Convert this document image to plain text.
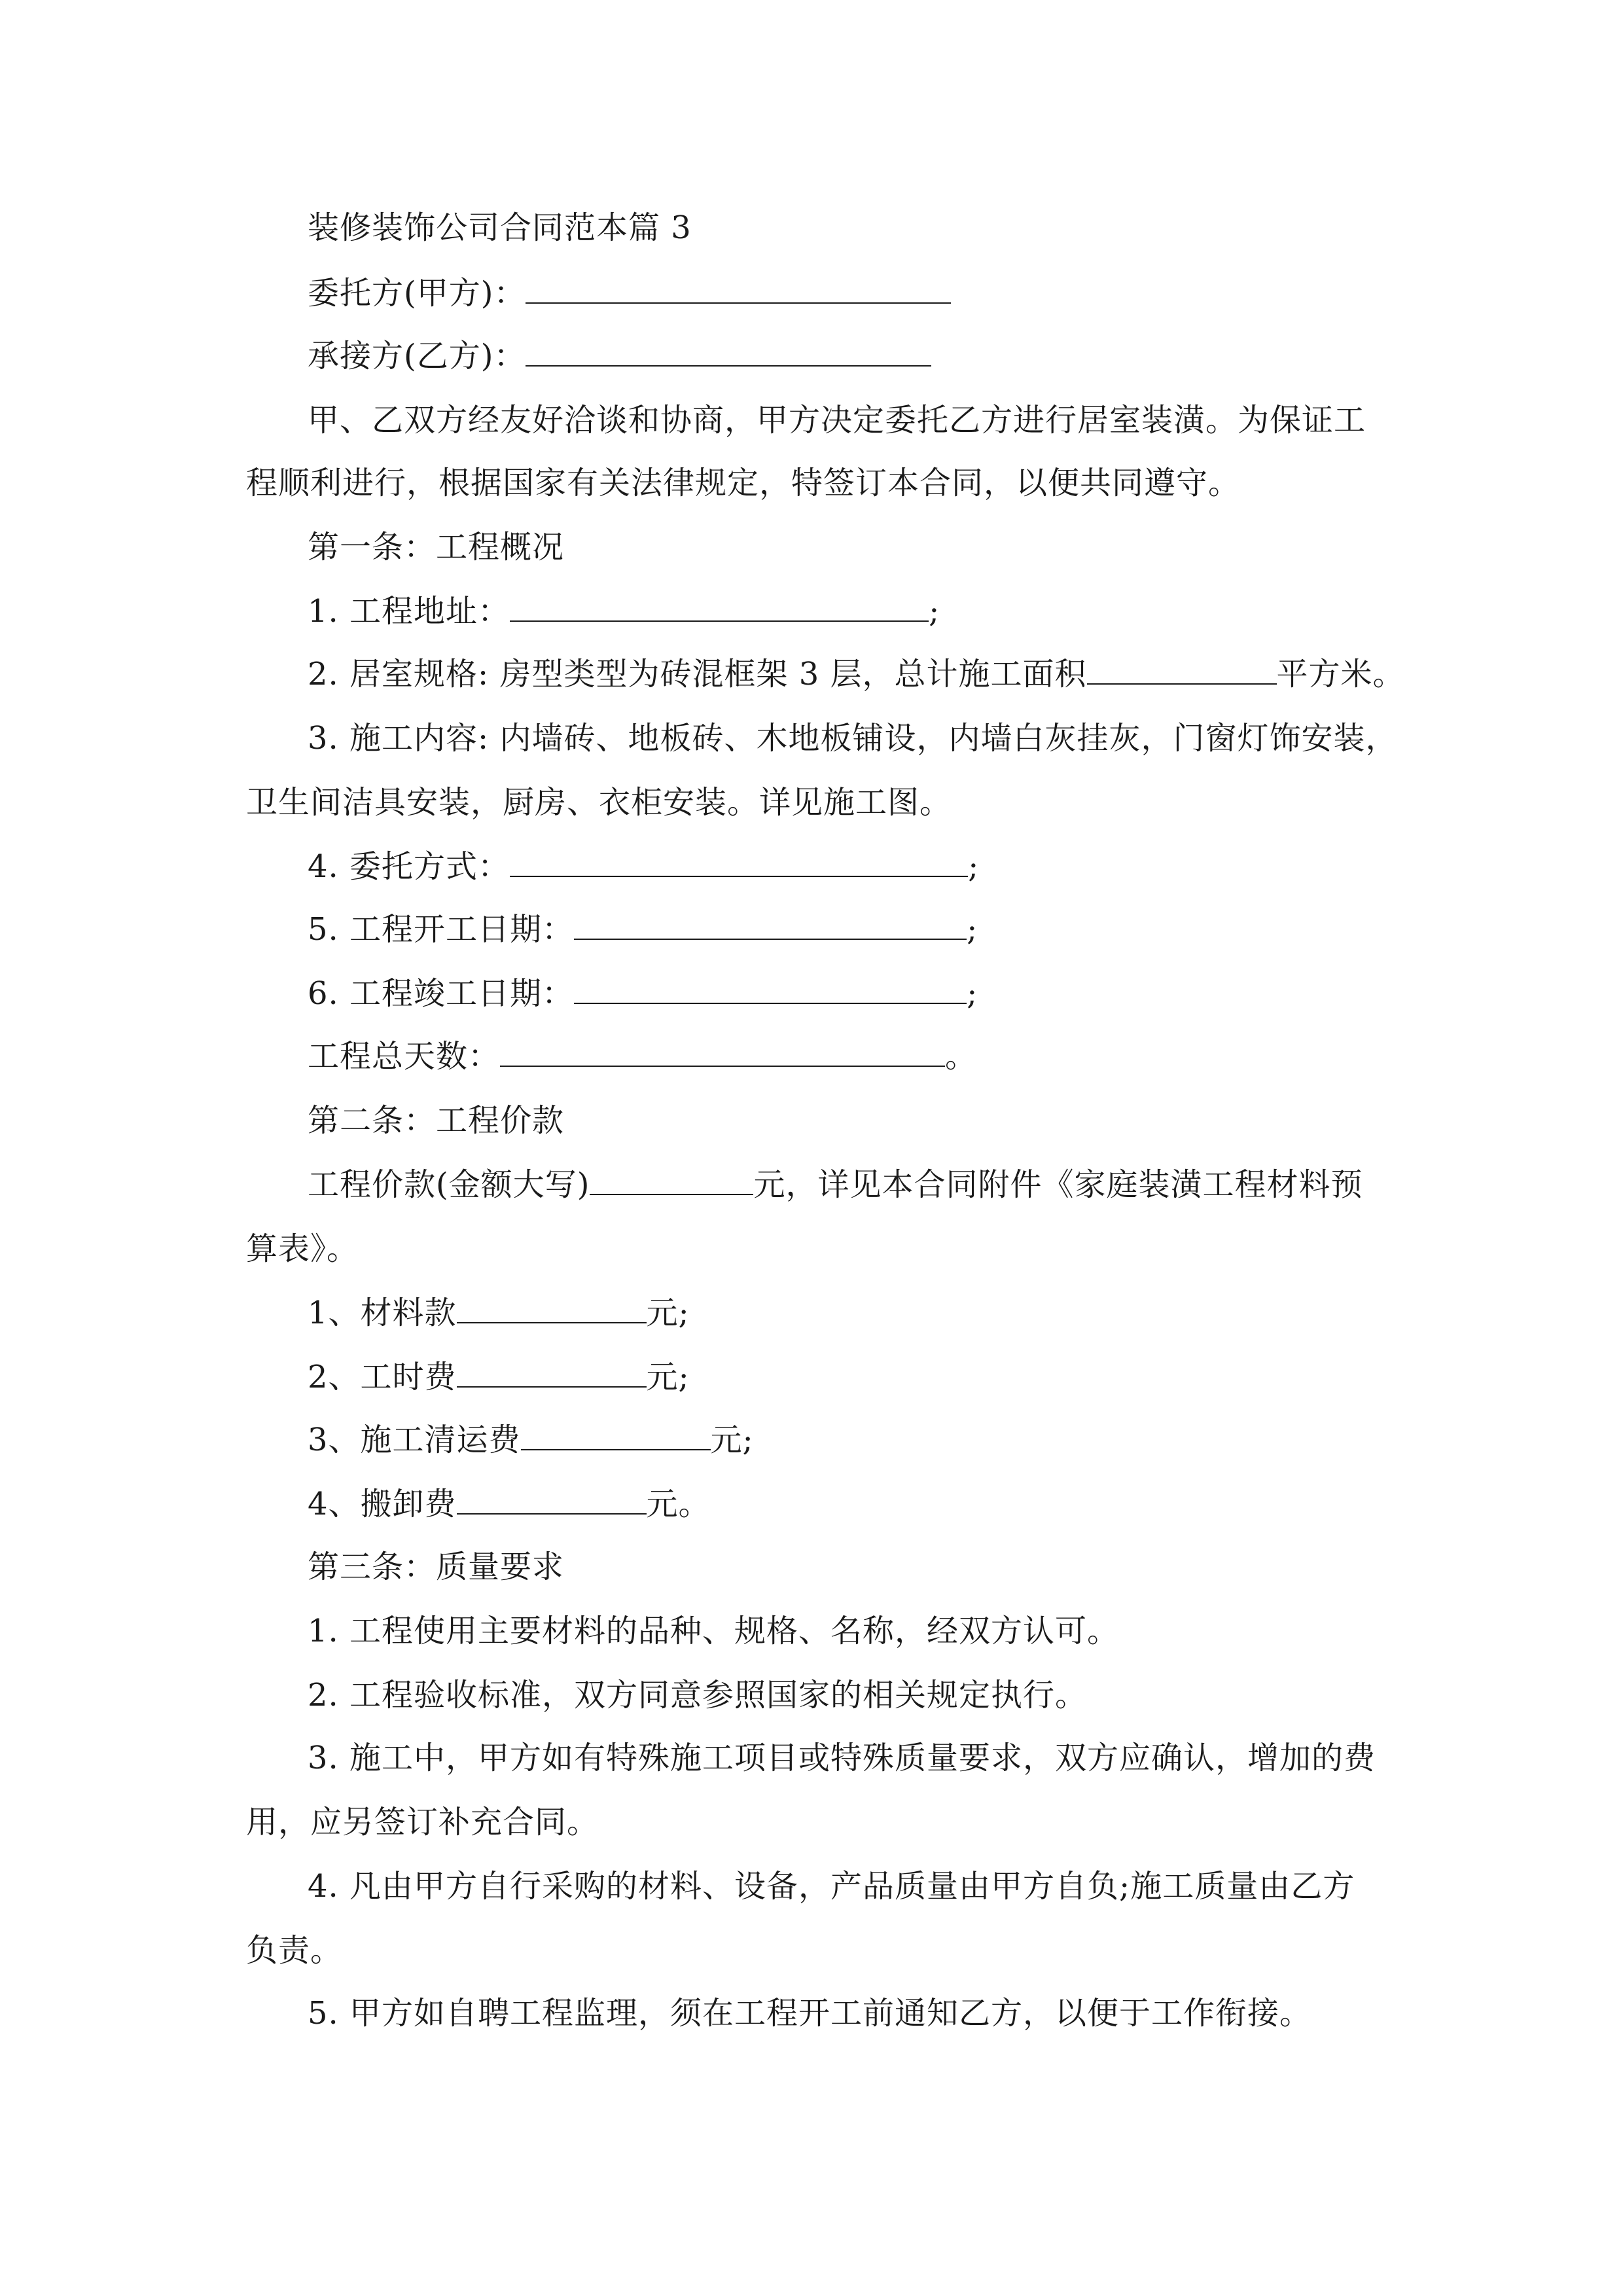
装修装饰公司合同范本篇 3
委托方(甲方)：
承接方(乙方)：
甲、乙双方经友好洽谈和协商，甲方决定委托乙方进行居室装潢。为保证工
程顺利进行，根据国家有关法律规定，特签订本合同，以便共同遵守。
第一条：工程概况
1. 工程地址：	;
2. 居室规格: 房型类型为砖混框架 3 层，总计施工面积	平方米。
3. 施工内容: 内墙砖、地板砖、木地板铺设，内墙白灰挂灰，门窗灯饰安装，
卫生间洁具安装，厨房、衣柜安装。详见施工图。
4. 委托方式：	;
5. 工程开工日期：	;
6. 工程竣工日期：	;
工程总天数：	。
第二条：工程价款
工程价款(金额大写)	元，详见本合同附件《家庭装潢工程材料预
算表》。
1、材料款	元;
2、工时费	元;
3、施工清运费	元;
4、搬卸费	元。
第三条：质量要求
1. 工程使用主要材料的品种、规格、名称，经双方认可。
2. 工程验收标准，双方同意参照国家的相关规定执行。
3. 施工中，甲方如有特殊施工项目或特殊质量要求，双方应确认，增加的费
用，应另签订补充合同。
4. 凡由甲方自行采购的材料、设备，产品质量由甲方自负;施工质量由乙方
负责。
5. 甲方如自聘工程监理，须在工程开工前通知乙方，以便于工作衔接。
